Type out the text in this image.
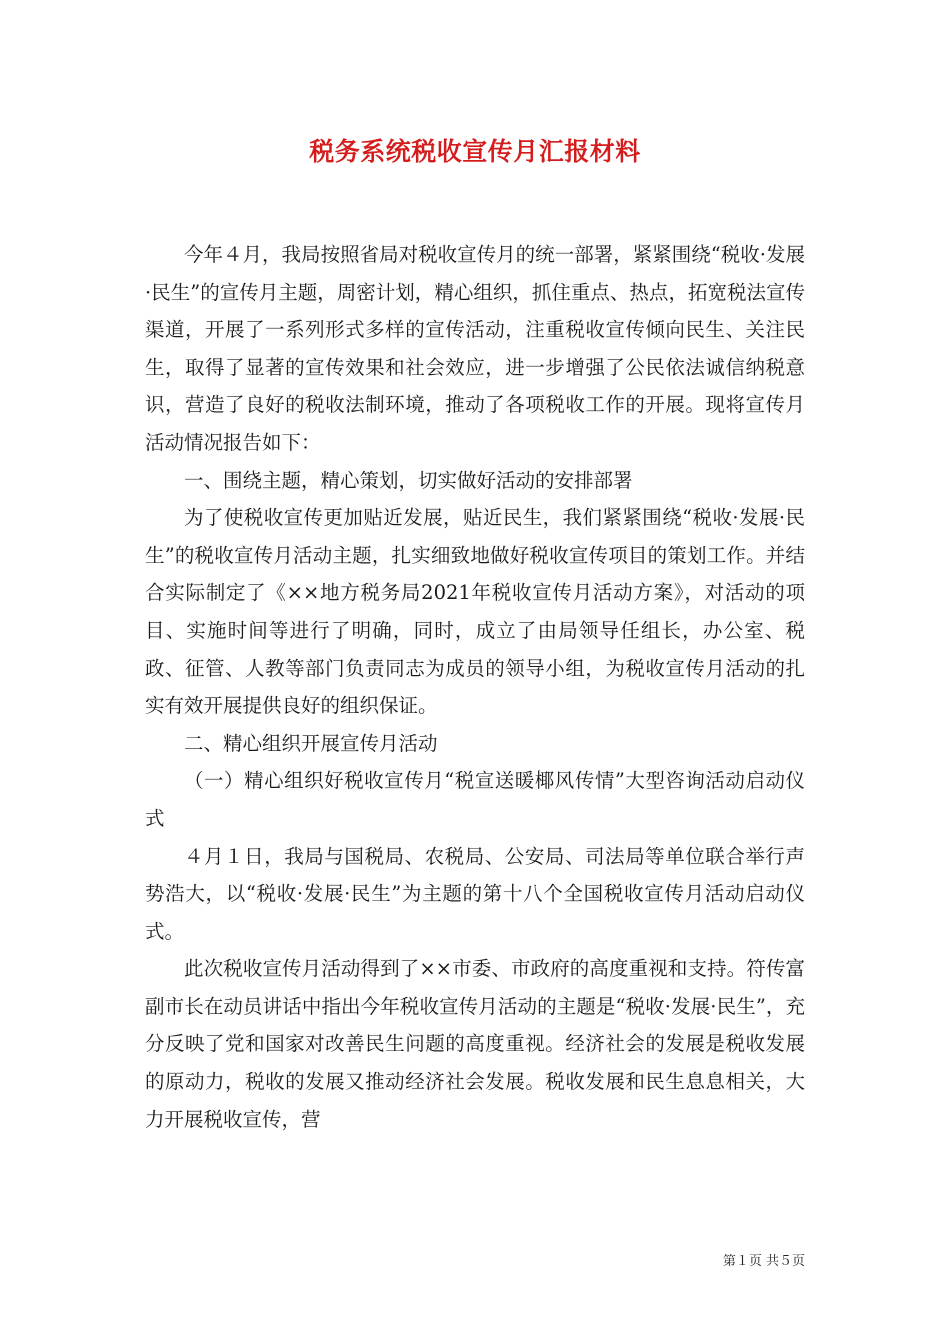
税务系统税收宣传月汇报材料

今年４月，我局按照省局对税收宣传月的统一部署，紧紧围绕“税收·发展·民生”的宣传月主题，周密计划，精心组织，抓住重点、热点，拓宽税法宣传渠道，开展了一系列形式多样的宣传活动，注重税收宣传倾向民生、关注民生，取得了显著的宣传效果和社会效应，进一步增强了公民依法诚信纳税意识，营造了良好的税收法制环境，推动了各项税收工作的开展。现将宣传月活动情况报告如下：

一、围绕主题，精心策划，切实做好活动的安排部署

为了使税收宣传更加贴近发展，贴近民生，我们紧紧围绕“税收·发展·民生”的税收宣传月活动主题，扎实细致地做好税收宣传项目的策划工作。并结合实际制定了《××地方税务局2021年税收宣传月活动方案》，对活动的项目、实施时间等进行了明确，同时，成立了由局领导任组长，办公室、税政、征管、人教等部门负责同志为成员的领导小组，为税收宣传月活动的扎实有效开展提供良好的组织保证。

二、精心组织开展宣传月活动

（一）精心组织好税收宣传月“税宣送暖椰风传情”大型咨询活动启动仪式

４月１日，我局与国税局、农税局、公安局、司法局等单位联合举行声势浩大，以“税收·发展·民生”为主题的第十八个全国税收宣传月活动启动仪式。

此次税收宣传月活动得到了××市委、市政府的高度重视和支持。符传富副市长在动员讲话中指出今年税收宣传月活动的主题是“税收·发展·民生”，充分反映了党和国家对改善民生问题的高度重视。经济社会的发展是税收发展的原动力，税收的发展又推动经济社会发展。税收发展和民生息息相关，大力开展税收宣传，营

第１页 共５页
